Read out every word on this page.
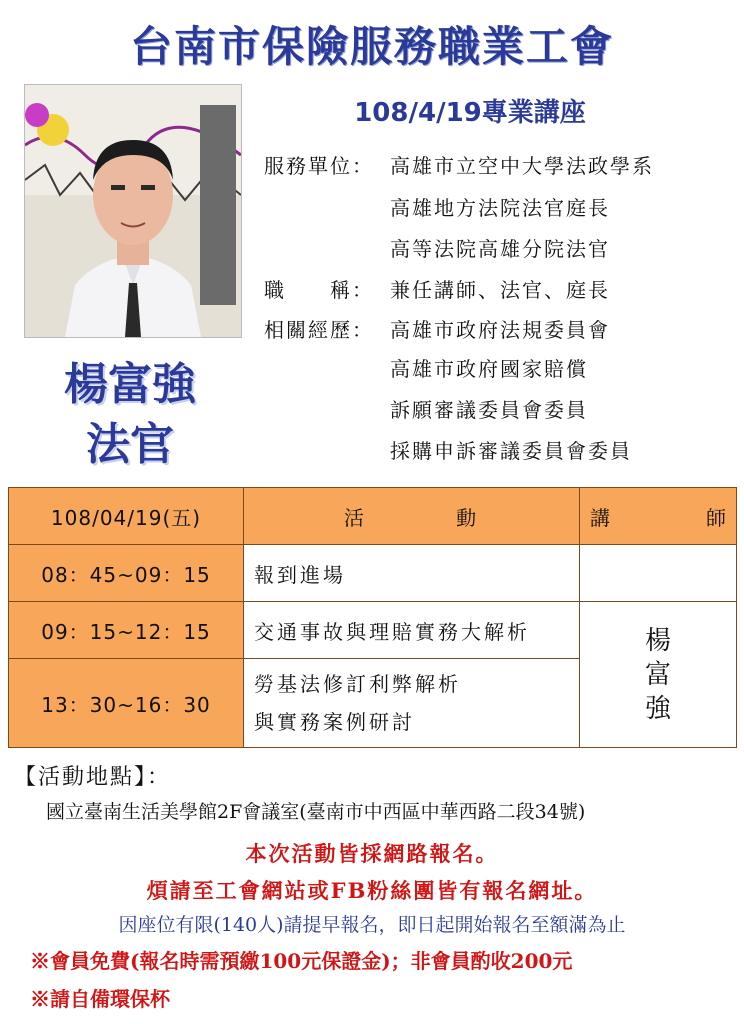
台南市保險服務職業工會
108/4/19專業講座
楊富強
法官
服務單位： 高雄市立空中大學法政學系
高雄地方法院法官庭長
高等法院高雄分院法官
職　　稱： 兼任講師、法官、庭長
相關經歷： 高雄市政府法規委員會
高雄市政府國家賠償
訴願審議委員會委員
採購申訴審議委員會委員
108/04/19(五)	活 動	講 師

08：45~09：15	報到進場	
09：15~12：15	交通事故與理賠實務大解析	楊
富
強

13：30~16：30	勞基法修訂利弊解析
與實務案例研討	
【活動地點】：
國立臺南生活美學館2F會議室(臺南市中西區中華西路二段34號)
本次活動皆採網路報名。
煩請至工會網站或FB粉絲團皆有報名網址。
因座位有限(140人)請提早報名，即日起開始報名至額滿為止
※會員免費(報名時需預繳100元保證金)；非會員酌收200元
※請自備環保杯
